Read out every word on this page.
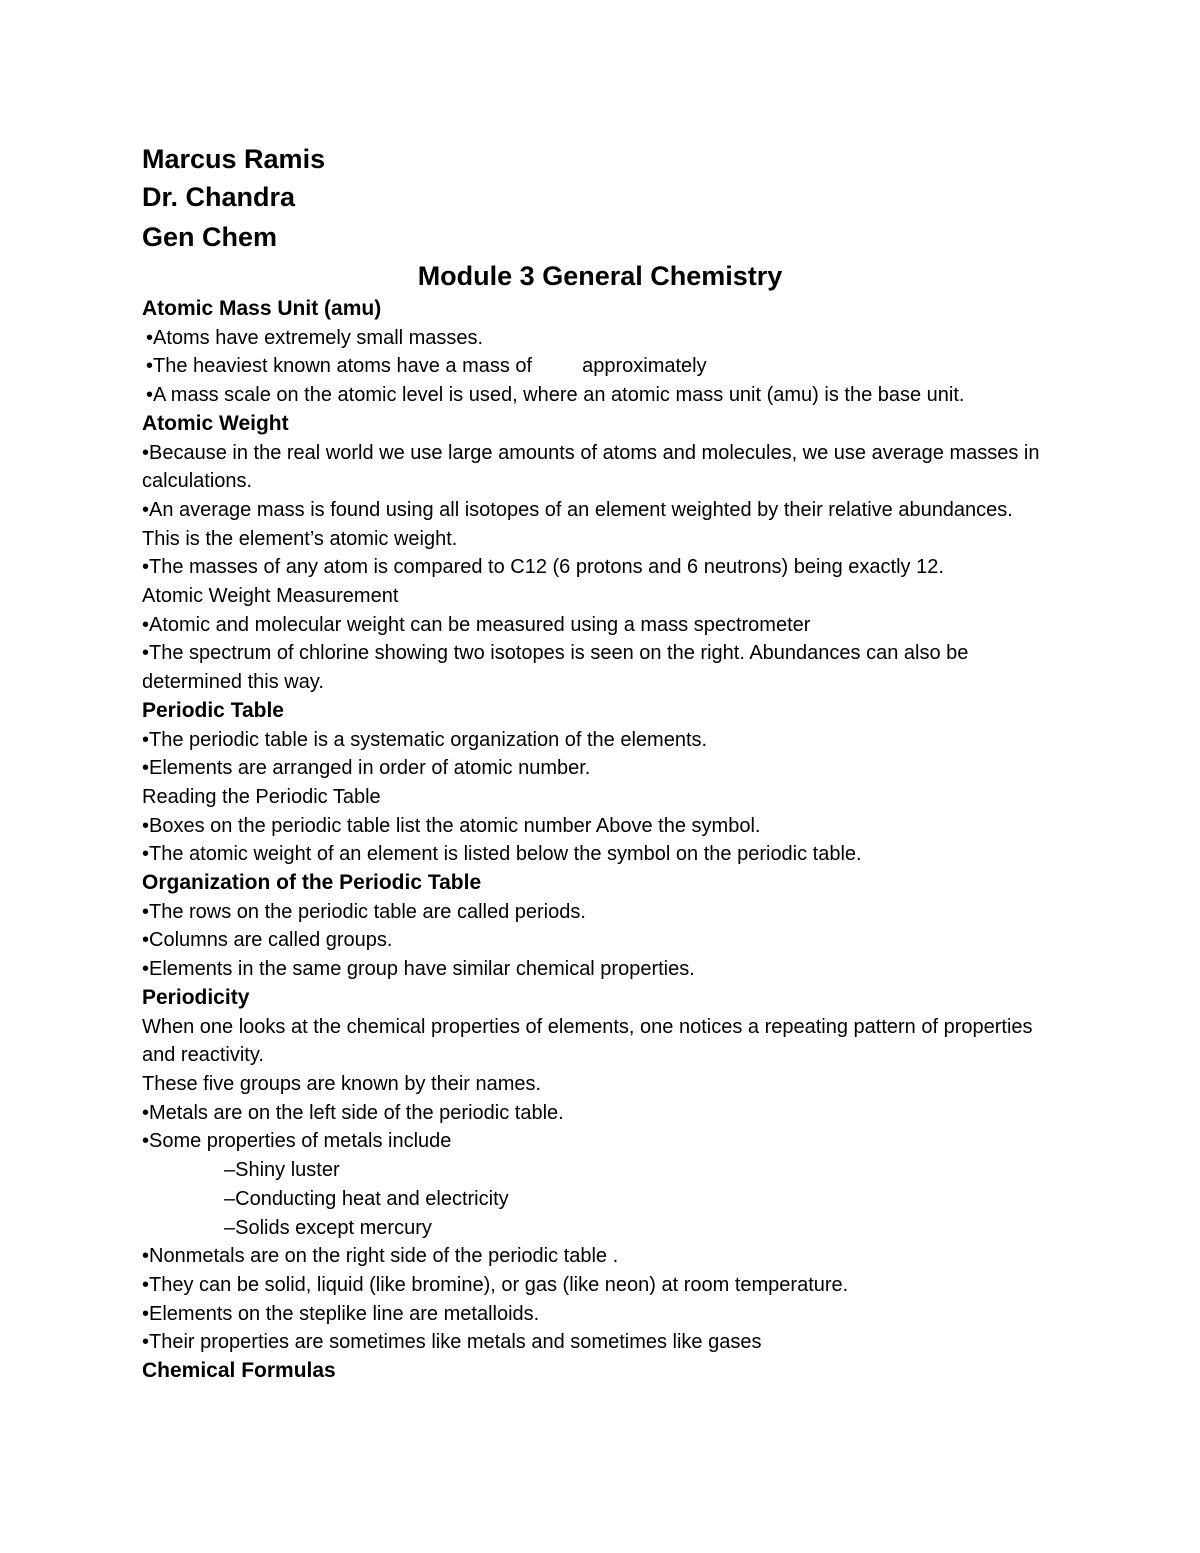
Marcus Ramis
Dr. Chandra
Gen Chem
Module 3 General Chemistry

Atomic Mass Unit (amu)

•Atoms have extremely small masses.

•The heaviest known atoms have a mass of	approximately

•A mass scale on the atomic level is used, where an atomic mass unit (amu) is the base unit.

Atomic Weight

•Because in the real world we use large amounts of atoms and molecules, we use average masses in calculations.

•An average mass is found using all isotopes of an element weighted by their relative abundances. This is the element’s atomic weight.

•The masses of any atom is compared to C12 (6 protons and 6 neutrons) being exactly 12.

Atomic Weight Measurement

•Atomic and molecular weight can be measured using a mass spectrometer

•The spectrum of chlorine showing two isotopes is seen on the right. Abundances can also be determined this way.

Periodic Table

•The periodic table is a systematic organization of the elements.

•Elements are arranged in order of atomic number.

Reading the Periodic Table

•Boxes on the periodic table list the atomic number Above the symbol.

•The atomic weight of an element is listed below the symbol on the periodic table.

Organization of the Periodic Table

•The rows on the periodic table are called periods.

•Columns are called groups.

•Elements in the same group have similar chemical properties.

Periodicity

When one looks at the chemical properties of elements, one notices a repeating pattern of properties and reactivity.

These five groups are known by their names.

•Metals are on the left side of the periodic table.

•Some properties of metals include

–Shiny luster

–Conducting heat and electricity

–Solids except mercury

•Nonmetals are on the right side of the periodic table .

•They can be solid, liquid (like bromine), or gas (like neon) at room temperature.

•Elements on the steplike line are metalloids.

•Their properties are sometimes like metals and sometimes like gases

Chemical Formulas
